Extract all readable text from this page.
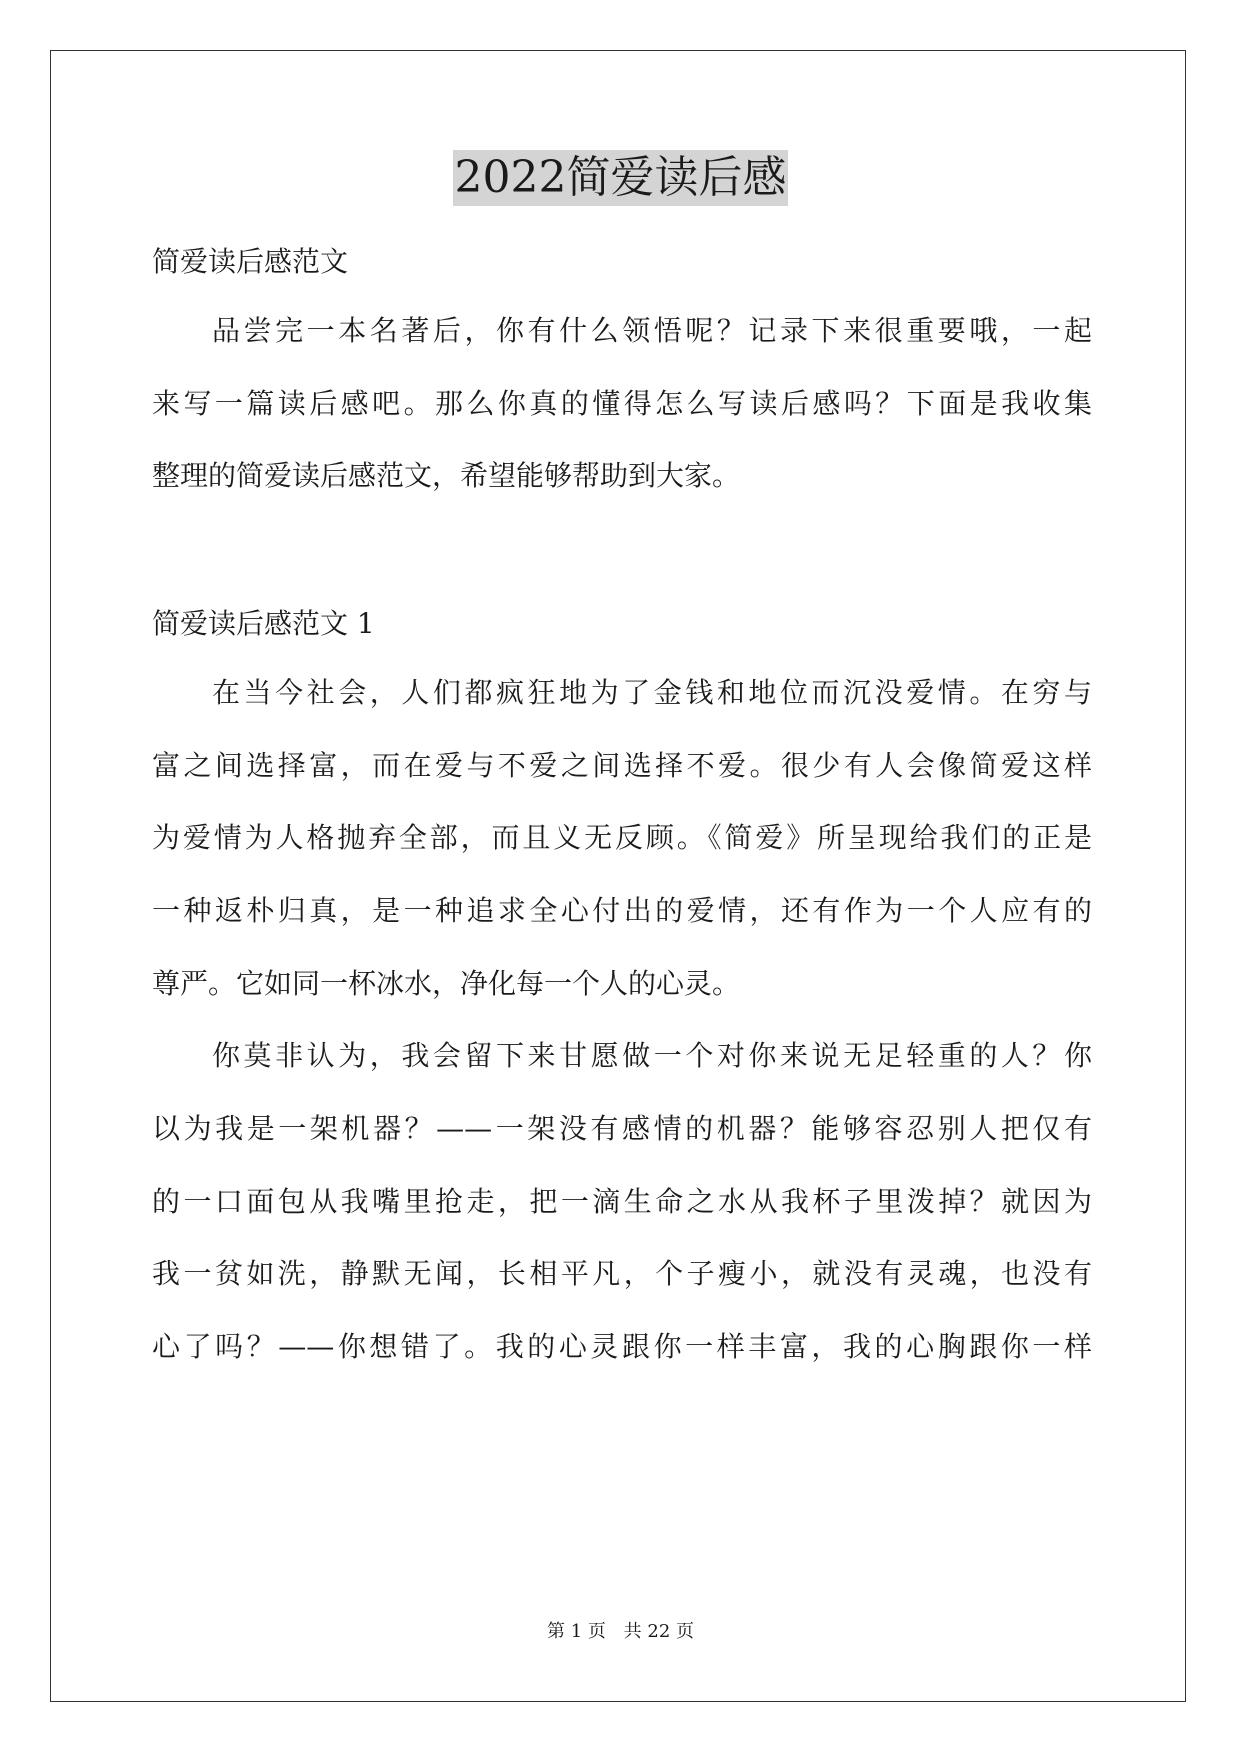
2022简爱读后感
简爱读后感范文
品尝完一本名著后，你有什么领悟呢？记录下来很重要哦，一起
来写一篇读后感吧。那么你真的懂得怎么写读后感吗？下面是我收集
整理的简爱读后感范文，希望能够帮助到大家。
简爱读后感范文 1
在当今社会，人们都疯狂地为了金钱和地位而沉没爱情。在穷与
富之间选择富，而在爱与不爱之间选择不爱。很少有人会像简爱这样
为爱情为人格抛弃全部，而且义无反顾。《简爱》所呈现给我们的正是
一种返朴归真，是一种追求全心付出的爱情，还有作为一个人应有的
尊严。它如同一杯冰水，净化每一个人的心灵。
你莫非认为，我会留下来甘愿做一个对你来说无足轻重的人？你
以为我是一架机器？——一架没有感情的机器？能够容忍别人把仅有
的一口面包从我嘴里抢走，把一滴生命之水从我杯子里泼掉？就因为
我一贫如洗，静默无闻，长相平凡，个子瘦小，就没有灵魂，也没有
心了吗？——你想错了。我的心灵跟你一样丰富，我的心胸跟你一样
第 1 页 共 22 页
